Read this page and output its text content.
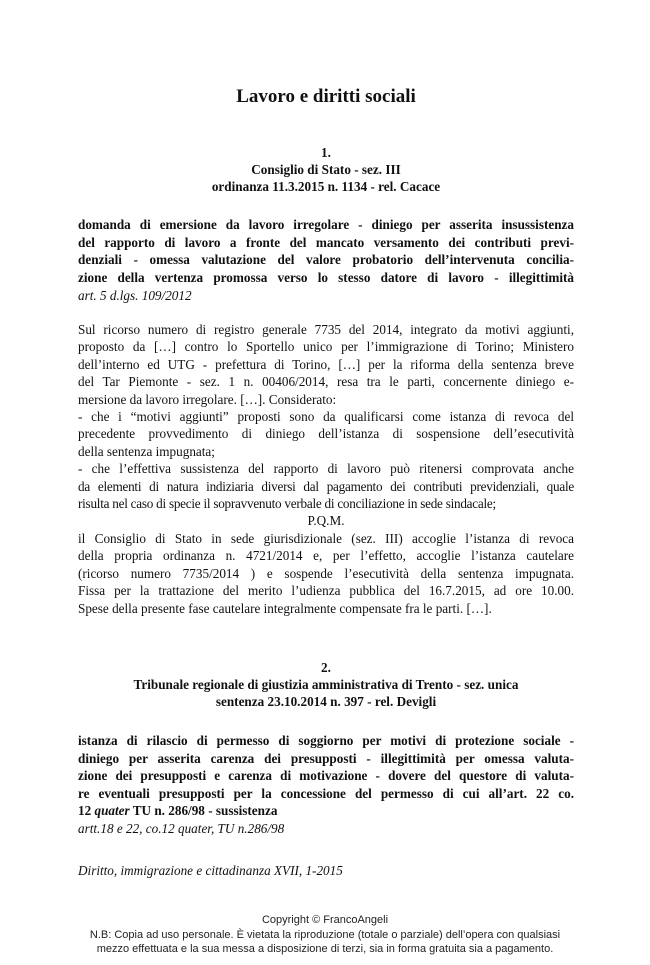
Lavoro e diritti sociali
1.
Consiglio di Stato - sez. III
ordinanza 11.3.2015 n. 1134 - rel. Cacace
domanda di emersione da lavoro irregolare - diniego per asserita insussistenza
del rapporto di lavoro a fronte del mancato versamento dei contributi previ-
denziali - omessa valutazione del valore probatorio dell’intervenuta concilia-
zione della vertenza promossa verso lo stesso datore di lavoro - illegittimità
art. 5 d.lgs. 109/2012

Sul ricorso numero di registro generale 7735 del 2014, integrato da motivi aggiunti,

proposto da […] contro lo Sportello unico per l’immigrazione di Torino; Ministero

dell’interno ed UTG - prefettura di Torino, […] per la riforma della sentenza breve

del Tar Piemonte - sez. 1 n. 00406/2014, resa tra le parti, concernente diniego e-

mersione da lavoro irregolare. […]. Considerato:

- che i “motivi aggiunti” proposti sono da qualificarsi come istanza di revoca del

precedente provvedimento di diniego dell’istanza di sospensione dell’esecutività

della sentenza impugnata;

- che l’effettiva sussistenza del rapporto di lavoro può ritenersi comprovata anche

da elementi di natura indiziaria diversi dal pagamento dei contributi previdenziali, quale

risulta nel caso di specie il sopravvenuto verbale di conciliazione in sede sindacale;

P.Q.M.

il Consiglio di Stato in sede giurisdizionale (sez. III) accoglie l’istanza di revoca

della propria ordinanza n. 4721/2014 e, per l’effetto, accoglie l’istanza cautelare

(ricorso numero 7735/2014 ) e sospende l’esecutività della sentenza impugnata.

Fissa per la trattazione del merito l’udienza pubblica del 16.7.2015, ad ore 10.00.

Spese della presente fase cautelare integralmente compensate fra le parti. […].

2.
Tribunale regionale di giustizia amministrativa di Trento - sez. unica
sentenza 23.10.2014 n. 397 - rel. Devigli
istanza di rilascio di permesso di soggiorno per motivi di protezione sociale -
diniego per asserita carenza dei presupposti - illegittimità per omessa valuta-
zione dei presupposti e carenza di motivazione - dovere del questore di valuta-
re eventuali presupposti per la concessione del permesso di cui all’art. 22 co.
12 quater TU n. 286/98 - sussistenza
artt.18 e 22, co.12 quater, TU n.286/98
Diritto, immigrazione e cittadinanza XVII, 1-2015
Copyright © FrancoAngeli
N.B: Copia ad uso personale. È vietata la riproduzione (totale o parziale) dell’opera con qualsiasi
mezzo effettuata e la sua messa a disposizione di terzi, sia in forma gratuita sia a pagamento.
